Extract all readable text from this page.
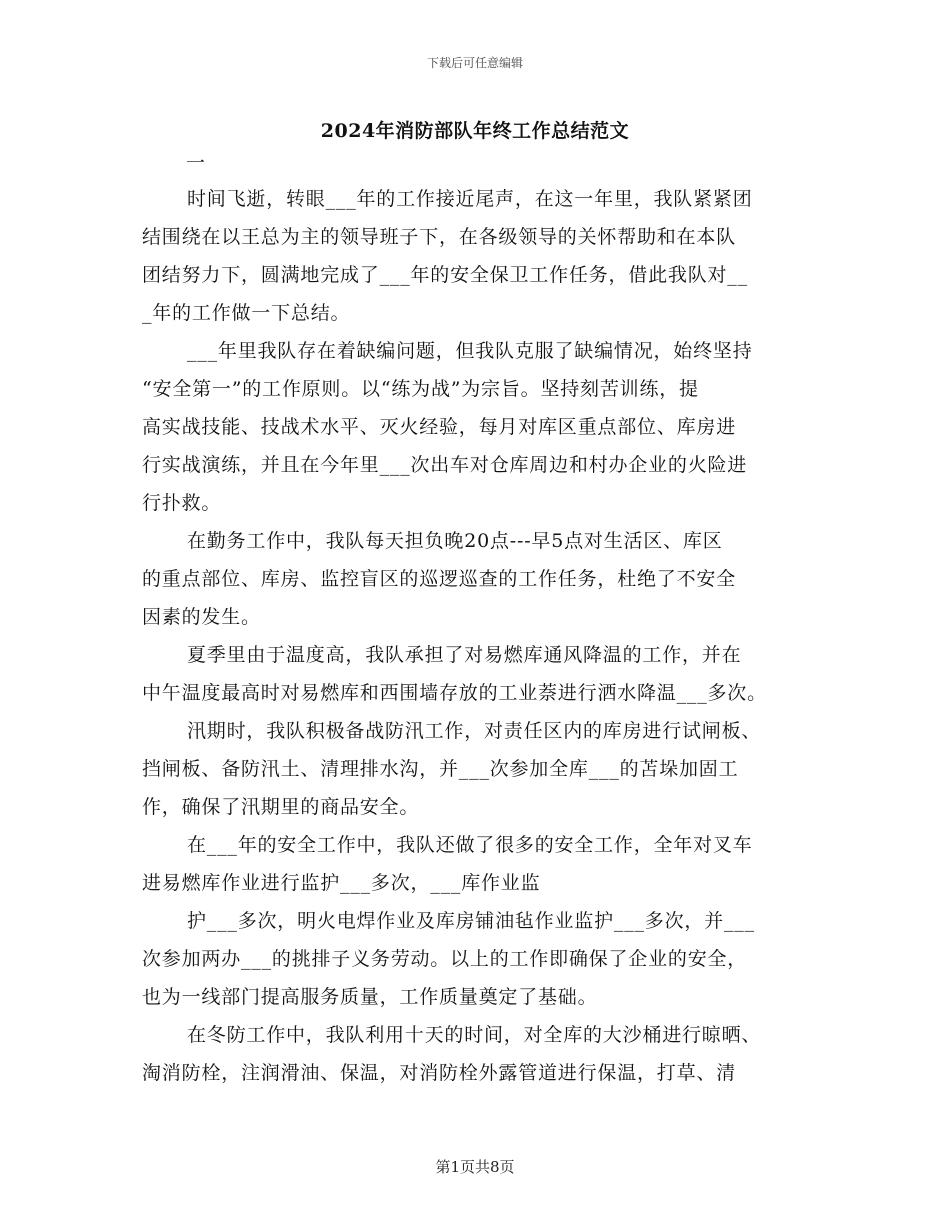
下载后可任意编辑
2024年消防部队年终工作总结范文
一
时间飞逝，转眼___年的工作接近尾声，在这一年里，我队紧紧团
结围绕在以王总为主的领导班子下，在各级领导的关怀帮助和在本队
团结努力下，圆满地完成了___年的安全保卫工作任务，借此我队对__
_年的工作做一下总结。
___年里我队存在着缺编问题，但我队克服了缺编情况，始终坚持
“安全第一”的工作原则。以“练为战”为宗旨。坚持刻苦训练，提
高实战技能、技战术水平、灭火经验，每月对库区重点部位、库房进
行实战演练，并且在今年里___次出车对仓库周边和村办企业的火险进
行扑救。
在勤务工作中，我队每天担负晚20点---早5点对生活区、库区
的重点部位、库房、监控盲区的巡逻巡查的工作任务，杜绝了不安全
因素的发生。
夏季里由于温度高，我队承担了对易燃库通风降温的工作，并在
中午温度最高时对易燃库和西围墙存放的工业萘进行洒水降温___多次。
汛期时，我队积极备战防汛工作，对责任区内的库房进行试闸板、
挡闸板、备防汛土、清理排水沟，并___次参加全库___的苫垛加固工
作，确保了汛期里的商品安全。
在___年的安全工作中，我队还做了很多的安全工作，全年对叉车
进易燃库作业进行监护___多次，___库作业监
护___多次，明火电焊作业及库房铺油毡作业监护___多次，并___
次参加两办___的挑排子义务劳动。以上的工作即确保了企业的安全，
也为一线部门提高服务质量，工作质量奠定了基础。
在冬防工作中，我队利用十天的时间，对全库的大沙桶进行晾晒、
淘消防栓，注润滑油、保温，对消防栓外露管道进行保温，打草、清
第1页共8页
